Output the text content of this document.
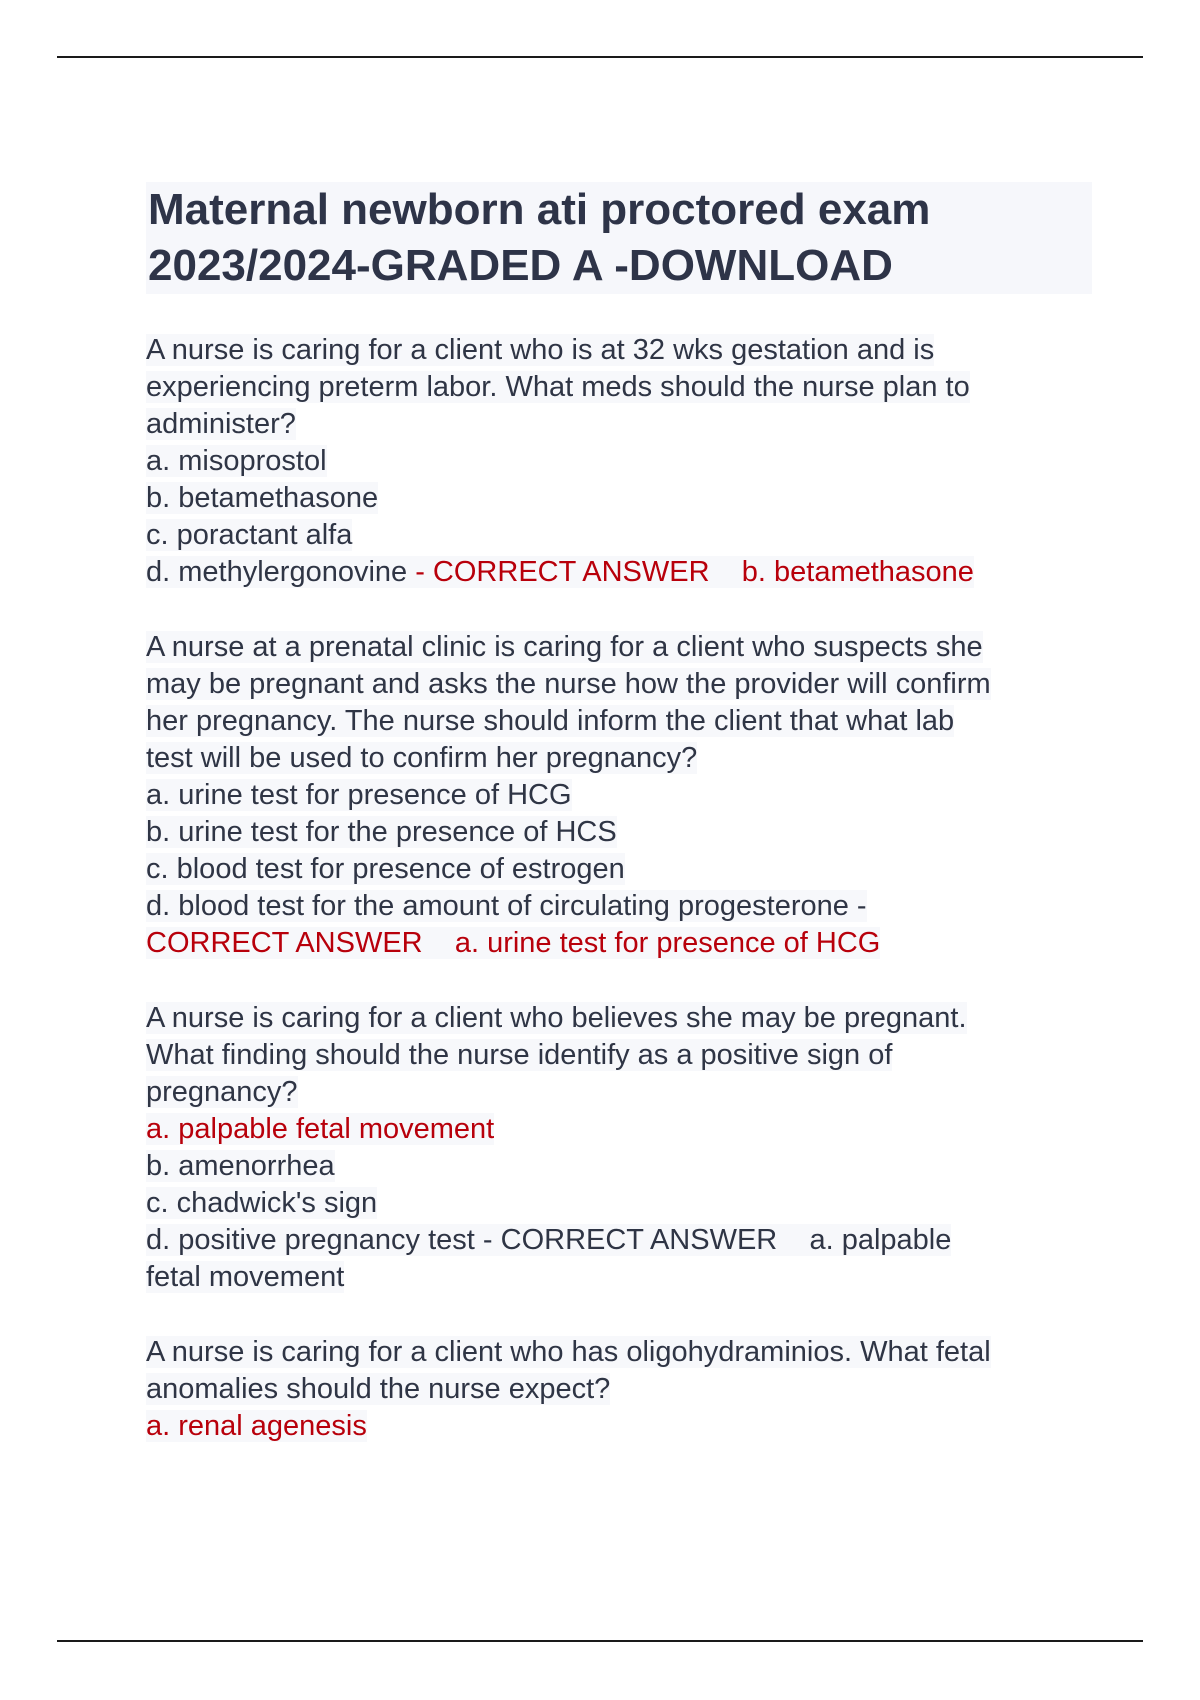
Maternal newborn ati proctored exam
2023/2024-GRADED A -DOWNLOAD
A nurse is caring for a client who is at 32 wks gestation and is
experiencing preterm labor. What meds should the nurse plan to
administer?
a. misoprostol
b. betamethasone
c. poractant alfa
d. methylergonovine - CORRECT ANSWER    b. betamethasone
A nurse at a prenatal clinic is caring for a client who suspects she
may be pregnant and asks the nurse how the provider will confirm
her pregnancy. The nurse should inform the client that what lab
test will be used to confirm her pregnancy?
a. urine test for presence of HCG
b. urine test for the presence of HCS
c. blood test for presence of estrogen
d. blood test for the amount of circulating progesterone -
CORRECT ANSWER    a. urine test for presence of HCG
A nurse is caring for a client who believes she may be pregnant.
What finding should the nurse identify as a positive sign of
pregnancy?
a. palpable fetal movement
b. amenorrhea
c. chadwick's sign
d. positive pregnancy test - CORRECT ANSWER    a. palpable
fetal movement
A nurse is caring for a client who has oligohydraminios. What fetal
anomalies should the nurse expect?
a. renal agenesis
